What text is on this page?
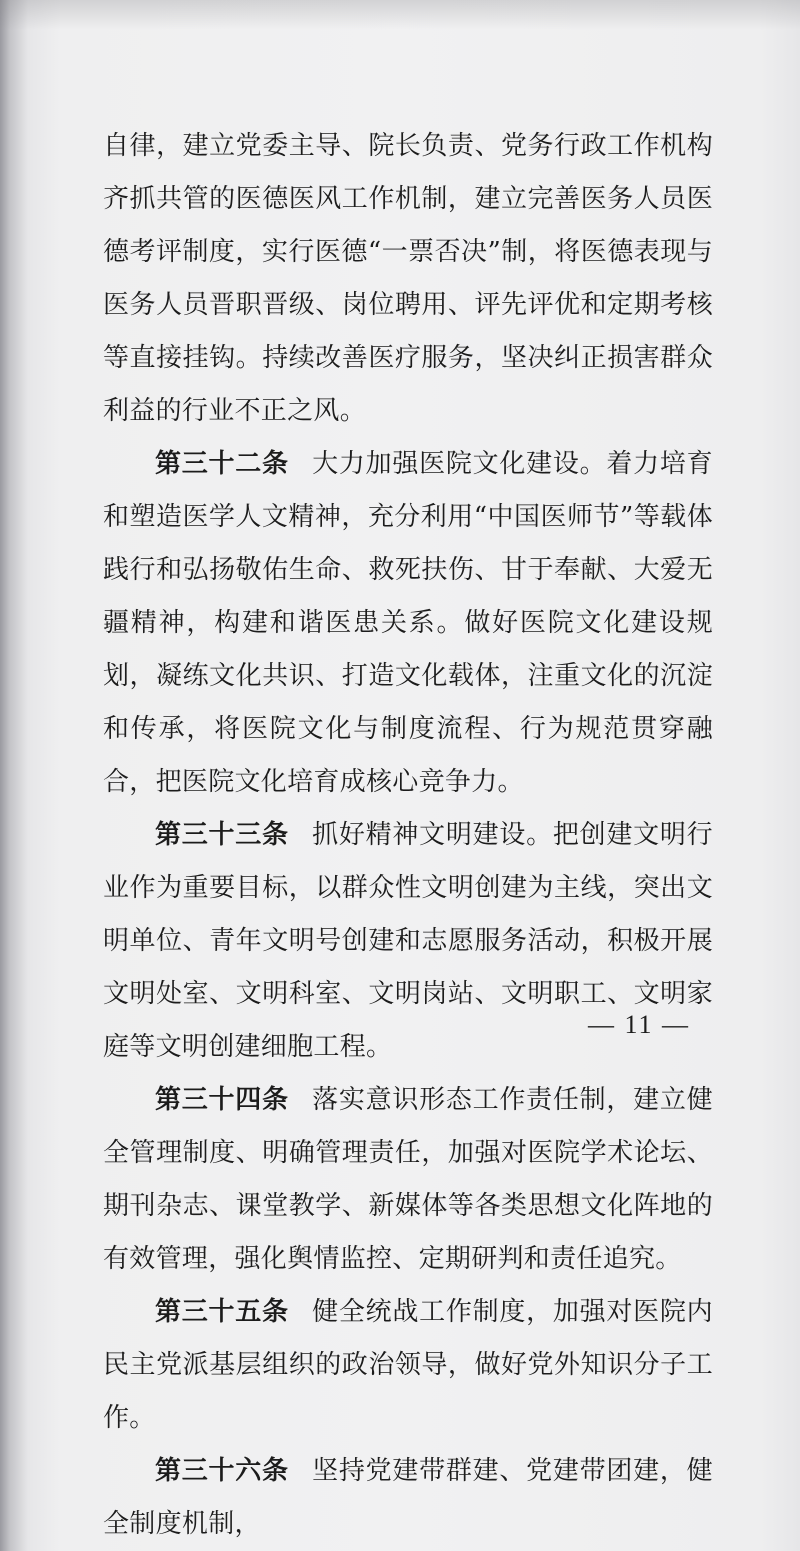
自律，建立党委主导、院长负责、党务行政工作机构齐抓共管的医德医风工作机制，建立完善医务人员医德考评制度，实行医德“一票否决”制，将医德表现与医务人员晋职晋级、岗位聘用、评先评优和定期考核等直接挂钩。持续改善医疗服务，坚决纠正损害群众利益的行业不正之风。

第三十二条 大力加强医院文化建设。着力培育和塑造医学人文精神，充分利用“中国医师节”等载体践行和弘扬敬佑生命、救死扶伤、甘于奉献、大爱无疆精神，构建和谐医患关系。做好医院文化建设规划，凝练文化共识、打造文化载体，注重文化的沉淀和传承，将医院文化与制度流程、行为规范贯穿融合，把医院文化培育成核心竞争力。

第三十三条 抓好精神文明建设。把创建文明行业作为重要目标，以群众性文明创建为主线，突出文明单位、青年文明号创建和志愿服务活动，积极开展文明处室、文明科室、文明岗站、文明职工、文明家庭等文明创建细胞工程。

第三十四条 落实意识形态工作责任制，建立健全管理制度、明确管理责任，加强对医院学术论坛、期刊杂志、课堂教学、新媒体等各类思想文化阵地的有效管理，强化舆情监控、定期研判和责任追究。

第三十五条 健全统战工作制度，加强对医院内民主党派基层组织的政治领导，做好党外知识分子工作。

第三十六条 坚持党建带群建、党建带团建，健全制度机制，

— 11 —
